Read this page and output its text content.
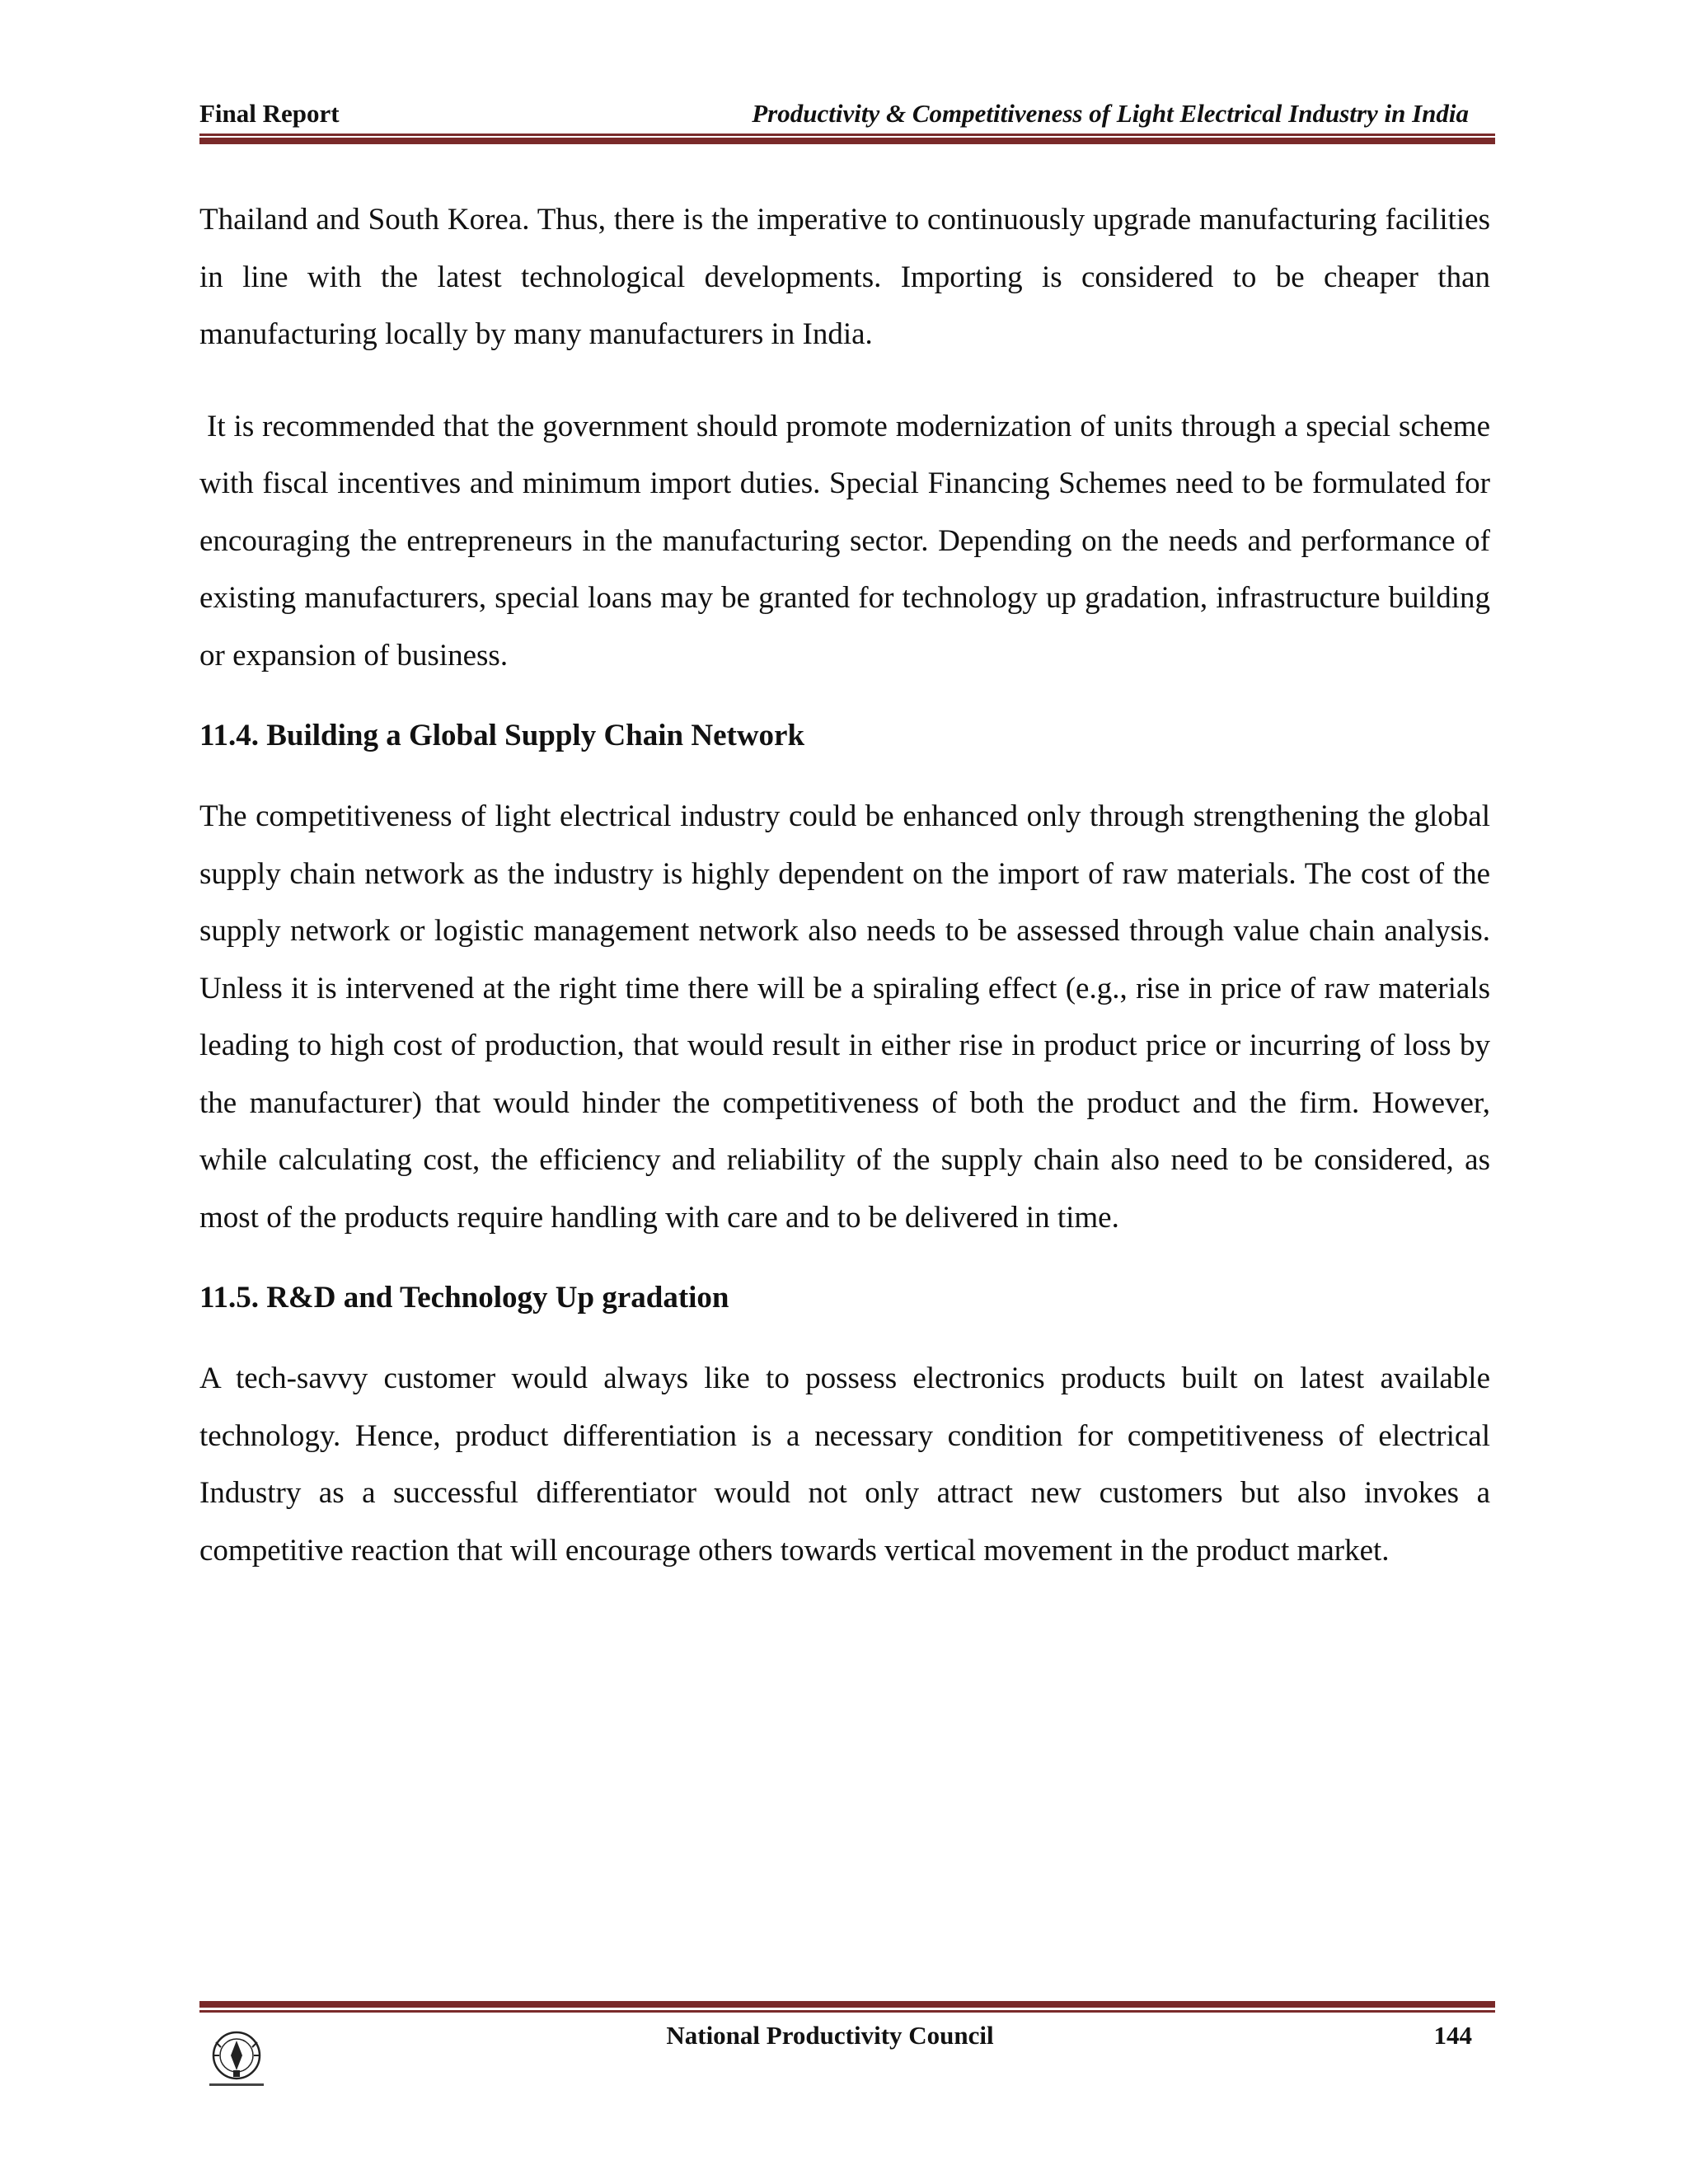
Final Report	Productivity & Competitiveness of Light Electrical Industry in India

Thailand and South Korea. Thus, there is the imperative to continuously upgrade manufacturing facilities in line with the latest technological developments. Importing is considered to be cheaper than manufacturing locally by many manufacturers in India.

It is recommended that the government should promote modernization of units through a special scheme with fiscal incentives and minimum import duties. Special Financing Schemes need to be formulated for encouraging the entrepreneurs in the manufacturing sector. Depending on the needs and performance of existing manufacturers, special loans may be granted for technology up gradation, infrastructure building or expansion of business.

11.4. Building a Global Supply Chain Network

The competitiveness of light electrical industry could be enhanced only through strengthening the global supply chain network as the industry is highly dependent on the import of raw materials. The cost of the supply network or logistic management network also needs to be assessed through value chain analysis. Unless it is intervened at the right time there will be a spiraling effect (e.g., rise in price of raw materials leading to high cost of production, that would result in either rise in product price or incurring of loss by the manufacturer) that would hinder the competitiveness of both the product and the firm. However, while calculating cost, the efficiency and reliability of the supply chain also need to be considered, as most of the products require handling with care and to be delivered in time.

11.5. R&D and Technology Up gradation

A tech-savvy customer would always like to possess electronics products built on latest available technology. Hence, product differentiation is a necessary condition for competitiveness of electrical Industry as a successful differentiator would not only attract new customers but also invokes a competitive reaction that will encourage others towards vertical movement in the product market.

National Productivity Council	144
